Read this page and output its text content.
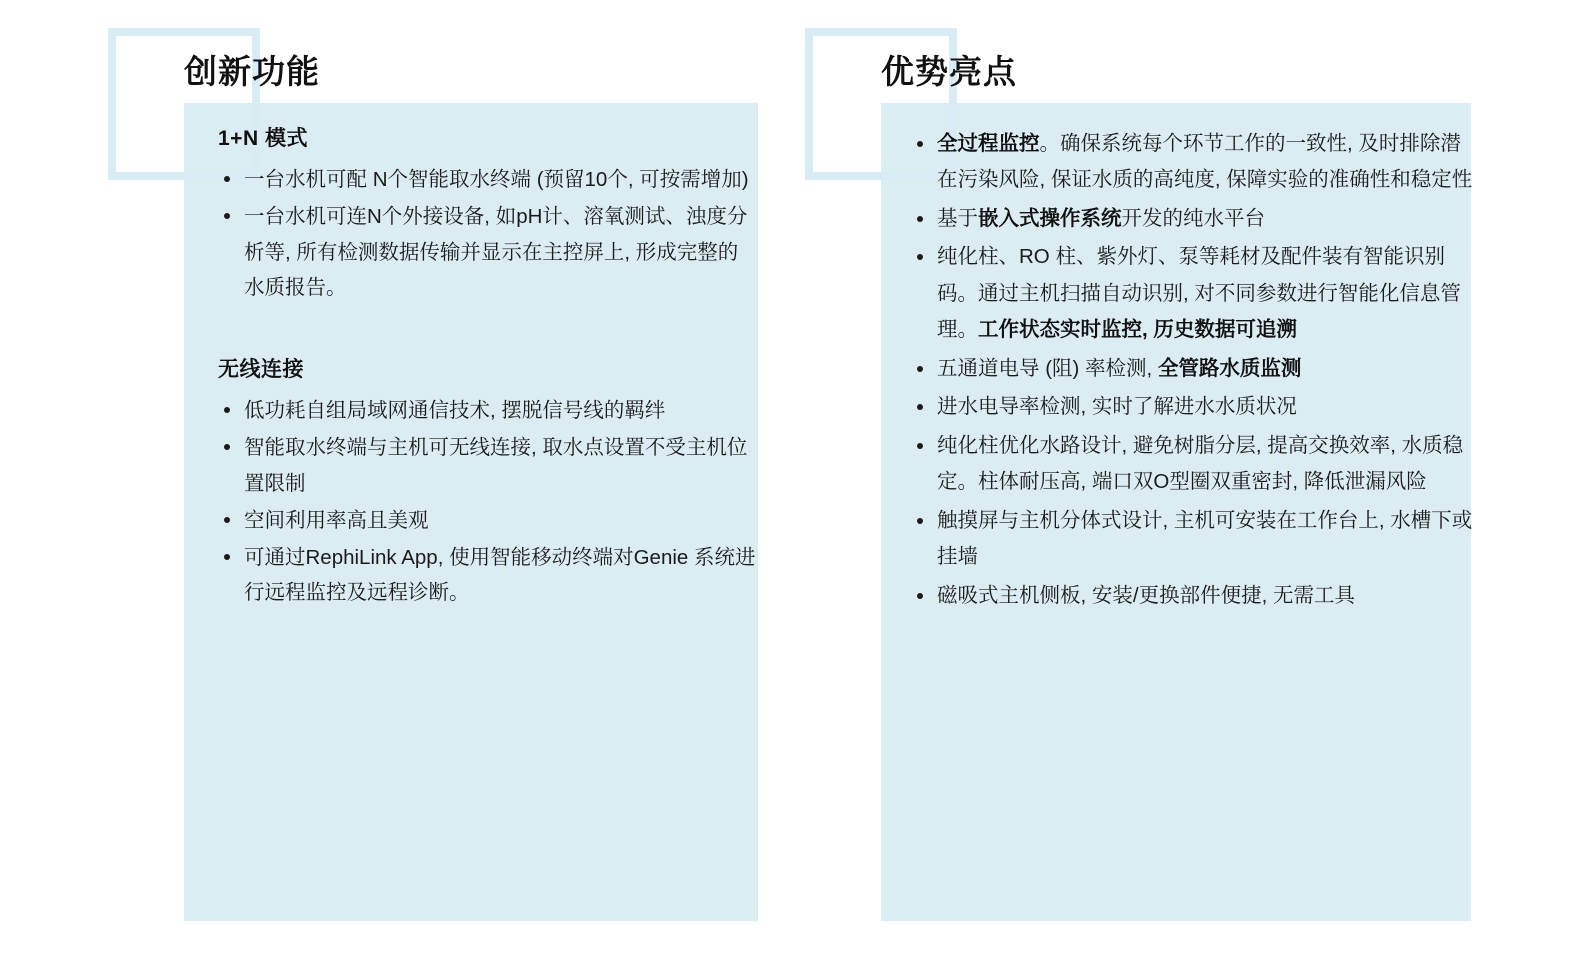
创新功能
1+N 模式
一台水机可配 N个智能取水终端 (预留10个, 可按需增加)
一台水机可连N个外接设备, 如pH计、溶氧测试、浊度分析等, 所有检测数据传输并显示在主控屏上, 形成完整的水质报告。
无线连接
低功耗自组局域网通信技术, 摆脱信号线的羁绊
智能取水终端与主机可无线连接, 取水点设置不受主机位置限制
空间利用率高且美观
可通过RephiLink App, 使用智能移动终端对Genie 系统进行远程监控及远程诊断。
优势亮点
全过程监控。确保系统每个环节工作的一致性, 及时排除潜在污染风险, 保证水质的高纯度, 保障实验的准确性和稳定性
基于嵌入式操作系统开发的纯水平台
纯化柱、RO 柱、紫外灯、泵等耗材及配件装有智能识别码。通过主机扫描自动识别, 对不同参数进行智能化信息管理。工作状态实时监控, 历史数据可追溯
五通道电导 (阻) 率检测, 全管路水质监测
进水电导率检测, 实时了解进水水质状况
纯化柱优化水路设计, 避免树脂分层, 提高交换效率, 水质稳定。柱体耐压高, 端口双O型圈双重密封, 降低泄漏风险
触摸屏与主机分体式设计, 主机可安装在工作台上, 水槽下或挂墙
磁吸式主机侧板, 安装/更换部件便捷, 无需工具
